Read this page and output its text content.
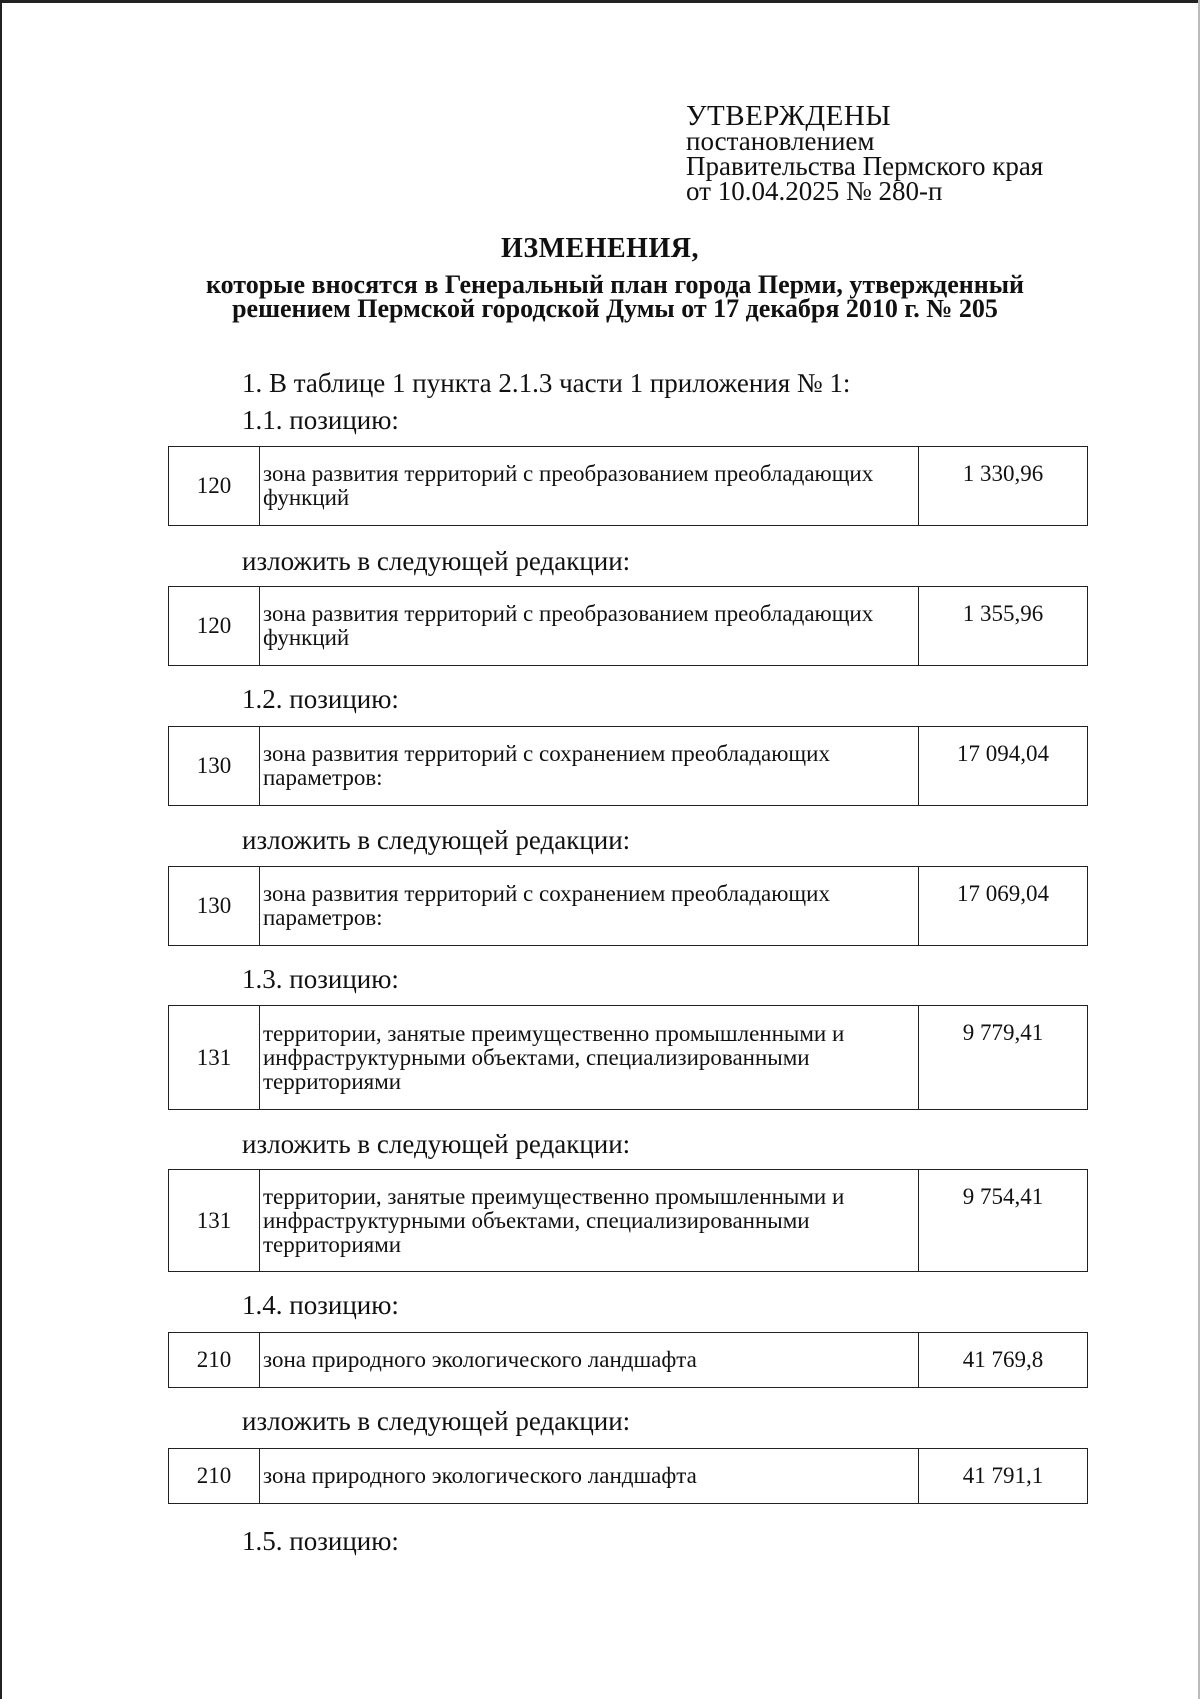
УТВЕРЖДЕНЫ
постановлением
Правительства Пермского края
от 10.04.2025 № 280-п
ИЗМЕНЕНИЯ,
которые вносятся в Генеральный план города Перми, утвержденный
решением Пермской городской Думы от 17 декабря 2010 г. № 205
1. В таблице 1 пункта 2.1.3 части 1 приложения № 1:
1.1. позицию:
120	зона развития территорий с преобразованием преобладающих функций	1 330,96
изложить в следующей редакции:
120	зона развития территорий с преобразованием преобладающих функций	1 355,96
1.2. позицию:
130	зона развития территорий с сохранением преобладающих параметров:	17 094,04
изложить в следующей редакции:
130	зона развития территорий с сохранением преобладающих параметров:	17 069,04
1.3. позицию:
131	территории, занятые преимущественно промышленными и инфраструктурными объектами, специализированными территориями	9 779,41
изложить в следующей редакции:
131	территории, занятые преимущественно промышленными и инфраструктурными объектами, специализированными территориями	9 754,41
1.4. позицию:
210	зона природного экологического ландшафта	41 769,8
изложить в следующей редакции:
210	зона природного экологического ландшафта	41 791,1
1.5. позицию:
